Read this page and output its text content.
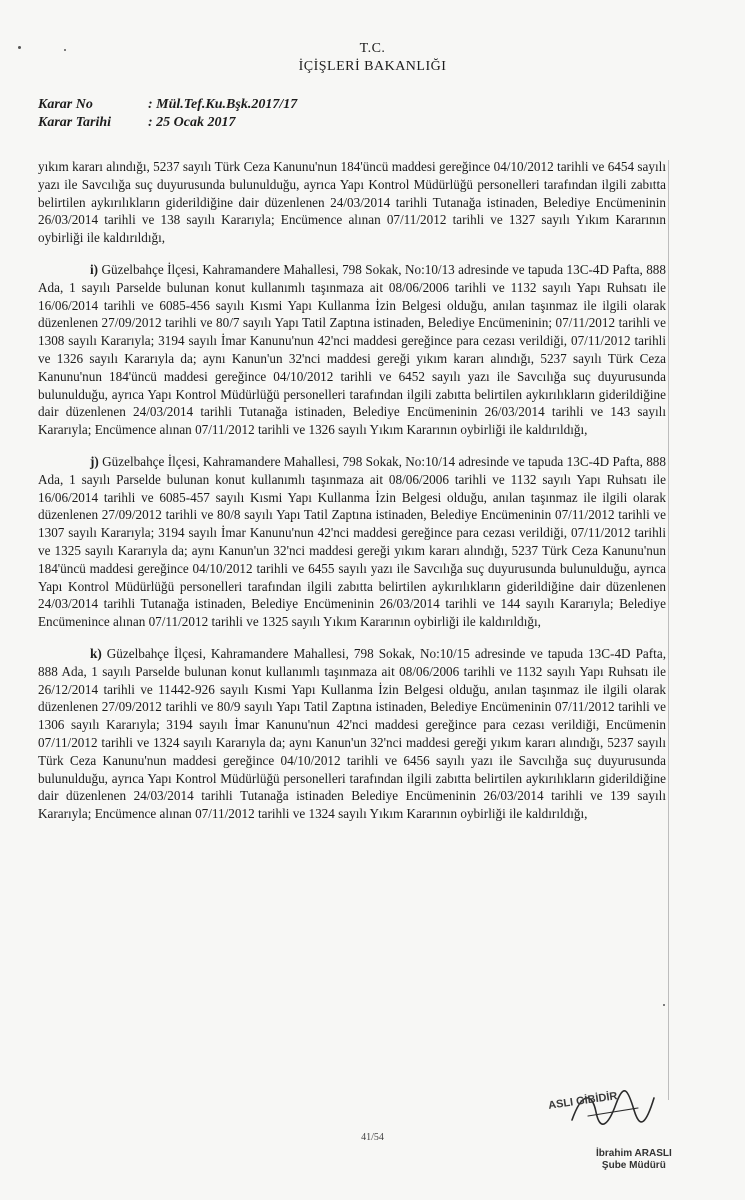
T.C.
İÇİŞLERİ BAKANLIĞI
Karar No	: Mül.Tef.Ku.Bşk.2017/17
Karar Tarihi	: 25 Ocak 2017

yıkım kararı alındığı, 5237 sayılı Türk Ceza Kanunu'nun 184'üncü maddesi gereğince 04/10/2012 tarihli ve 6454 sayılı yazı ile Savcılığa suç duyurusunda bulunulduğu, ayrıca Yapı Kontrol Müdürlüğü personelleri tarafından ilgili zabıtta belirtilen aykırılıkların giderildiğine dair düzenlenen 24/03/2014 tarihli Tutanağa istinaden, Belediye Encümeninin 26/03/2014 tarihli ve 138 sayılı Kararıyla; Encümence alınan 07/11/2012 tarihli ve 1327 sayılı Yıkım Kararının oybirliği ile kaldırıldığı,

i) Güzelbahçe İlçesi, Kahramandere Mahallesi, 798 Sokak, No:10/13 adresinde ve tapuda 13C-4D Pafta, 888 Ada, 1 sayılı Parselde bulunan konut kullanımlı taşınmaza ait 08/06/2006 tarihli ve 1132 sayılı Yapı Ruhsatı ile 16/06/2014 tarihli ve 6085-456 sayılı Kısmi Yapı Kullanma İzin Belgesi olduğu, anılan taşınmaz ile ilgili olarak düzenlenen 27/09/2012 tarihli ve 80/7 sayılı Yapı Tatil Zaptına istinaden, Belediye Encümeninin; 07/11/2012 tarihli ve 1308 sayılı Kararıyla; 3194 sayılı İmar Kanunu'nun 42'nci maddesi gereğince para cezası verildiği, 07/11/2012 tarihli ve 1326 sayılı Kararıyla da; aynı Kanun'un 32'nci maddesi gereği yıkım kararı alındığı, 5237 sayılı Türk Ceza Kanunu'nun 184'üncü maddesi gereğince 04/10/2012 tarihli ve 6452 sayılı yazı ile Savcılığa suç duyurusunda bulunulduğu, ayrıca Yapı Kontrol Müdürlüğü personelleri tarafından ilgili zabıtta belirtilen aykırılıkların giderildiğine dair düzenlenen 24/03/2014 tarihli Tutanağa istinaden, Belediye Encümeninin 26/03/2014 tarihli ve 143 sayılı Kararıyla; Encümence alınan 07/11/2012 tarihli ve 1326 sayılı Yıkım Kararının oybirliği ile kaldırıldığı,

j) Güzelbahçe İlçesi, Kahramandere Mahallesi, 798 Sokak, No:10/14 adresinde ve tapuda 13C-4D Pafta, 888 Ada, 1 sayılı Parselde bulunan konut kullanımlı taşınmaza ait 08/06/2006 tarihli ve 1132 sayılı Yapı Ruhsatı ile 16/06/2014 tarihli ve 6085-457 sayılı Kısmi Yapı Kullanma İzin Belgesi olduğu, anılan taşınmaz ile ilgili olarak düzenlenen 27/09/2012 tarihli ve 80/8 sayılı Yapı Tatil Zaptına istinaden, Belediye Encümeninin 07/11/2012 tarihli ve 1307 sayılı Kararıyla; 3194 sayılı İmar Kanunu'nun 42'nci maddesi gereğince para cezası verildiği, 07/11/2012 tarihli ve 1325 sayılı Kararıyla da; aynı Kanun'un 32'nci maddesi gereği yıkım kararı alındığı, 5237 Türk Ceza Kanunu'nun 184'üncü maddesi gereğince 04/10/2012 tarihli ve 6455 sayılı yazı ile Savcılığa suç duyurusunda bulunulduğu, ayrıca Yapı Kontrol Müdürlüğü personelleri tarafından ilgili zabıtta belirtilen aykırılıkların giderildiğine dair düzenlenen 24/03/2014 tarihli Tutanağa istinaden, Belediye Encümeninin 26/03/2014 tarihli ve 144 sayılı Kararıyla; Belediye Encümenince alınan 07/11/2012 tarihli ve 1325 sayılı Yıkım Kararının oybirliği ile kaldırıldığı,

k) Güzelbahçe İlçesi, Kahramandere Mahallesi, 798 Sokak, No:10/15 adresinde ve tapuda 13C-4D Pafta, 888 Ada, 1 sayılı Parselde bulunan konut kullanımlı taşınmaza ait 08/06/2006 tarihli ve 1132 sayılı Yapı Ruhsatı ile 26/12/2014 tarihli ve 11442-926 sayılı Kısmi Yapı Kullanma İzin Belgesi olduğu, anılan taşınmaz ile ilgili olarak düzenlenen 27/09/2012 tarihli ve 80/9 sayılı Yapı Tatil Zaptına istinaden, Belediye Encümeninin 07/11/2012 tarihli ve 1306 sayılı Kararıyla; 3194 sayılı İmar Kanunu'nun 42'nci maddesi gereğince para cezası verildiği, Encümenin 07/11/2012 tarihli ve 1324 sayılı Kararıyla da; aynı Kanun'un 32'nci maddesi gereği yıkım kararı alındığı, 5237 sayılı Türk Ceza Kanunu'nun maddesi gereğince 04/10/2012 tarihli ve 6456 sayılı yazı ile Savcılığa suç duyurusunda bulunulduğu, ayrıca Yapı Kontrol Müdürlüğü personelleri tarafından ilgili zabıtta belirtilen aykırılıkların giderildiğine dair düzenlenen 24/03/2014 tarihli Tutanağa istinaden Belediye Encümeninin 26/03/2014 tarihli ve 139 sayılı Kararıyla; Encümence alınan 07/11/2012 tarihli ve 1324 sayılı Yıkım Kararının oybirliği ile kaldırıldığı,

ASLI GİBİDİR
41/54
İbrahim ARASLI
Şube Müdürü
